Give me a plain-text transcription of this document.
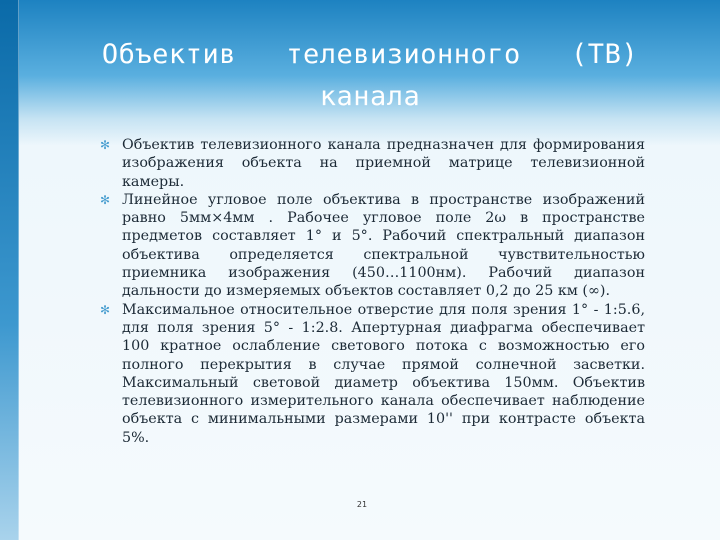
Объектив   телевизионного   (ТВ)
канала
✻ Объектив телевизионного канала предназначен для формирования изображения объекта на приемной матрице телевизионной камеры.
✻ Линейное угловое поле объектива в пространстве изображений равно 5мм×4мм . Рабочее угловое поле 2ω в пространстве предметов составляет 1° и 5°. Рабочий спектральный диапазон объектива определяется спектральной чувствительностью приемника изображения (450…1100нм). Рабочий диапазон дальности до измеряемых объектов составляет 0,2 до 25 км (∞).
✻ Максимальное относительное отверстие для поля зрения 1° - 1:5.6, для поля зрения 5° - 1:2.8. Апертурная диафрагма обеспечивает 100 кратное ослабление светового потока с возможностью его полного перекрытия в случае прямой солнечной засветки. Максимальный световой диаметр объектива 150мм. Объектив телевизионного измерительного канала обеспечивает наблюдение объекта с минимальными размерами 10'' при контрасте объекта 5%.
21
